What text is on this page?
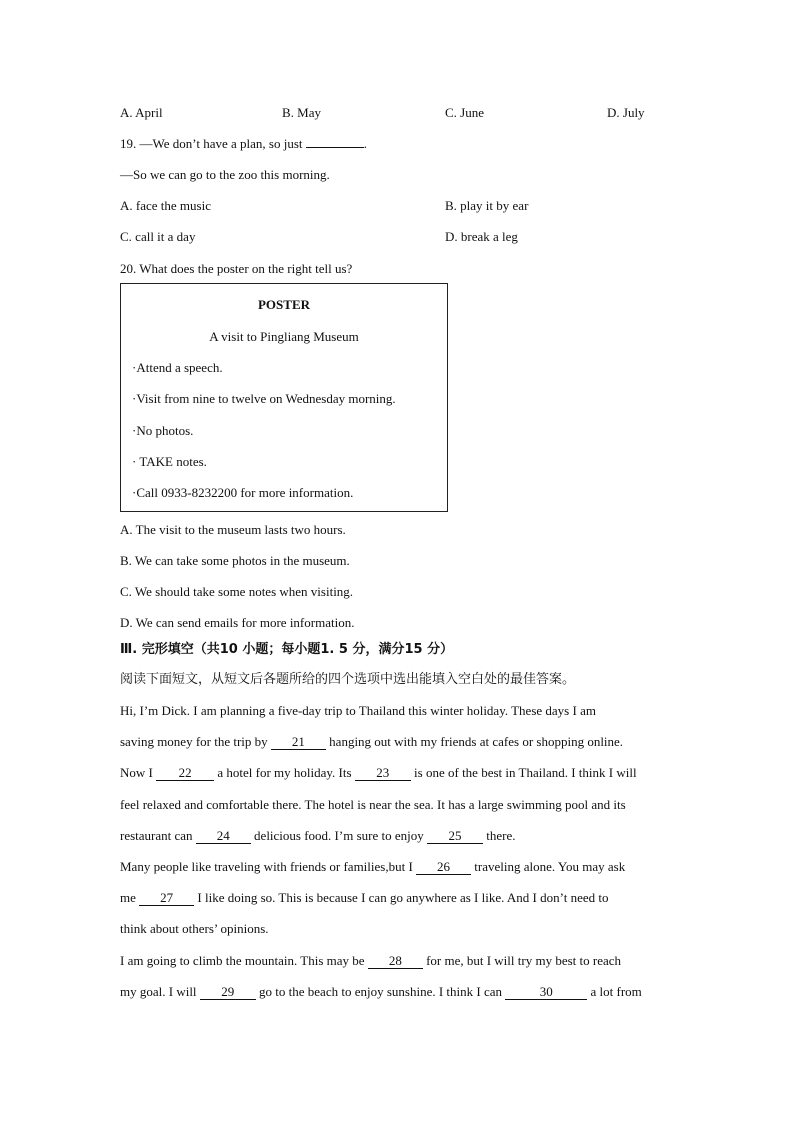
A. April	B. May	C. June	D. July
19. —We don’t have a plan, so just	.
—So we can go to the zoo this morning.
A. face the music	B. play it by ear
C. call it a day	D. break a leg
20. What does the poster on the right tell us?
POSTER
A visit to Pingliang Museum
·Attend a speech.
·Visit from nine to twelve on Wednesday morning.
·No photos.
· TAKE notes.
·Call 0933-8232200 for more information.
A. The visit to the museum lasts two hours.
B. We can take some photos in the museum.
C. We should take some notes when visiting.
D. We can send emails for more information.
Ⅲ. 完形填空（共10 小题；每小题1. 5 分，满分15 分）
阅读下面短文，从短文后各题所给的四个选项中选出能填入空白处的最佳答案。
Hi, I’m Dick. I am planning a five-day trip to Thailand this winter holiday. These days I am
saving money for the trip by 21 hanging out with my friends at cafes or shopping online.
Now I 22 a hotel for my holiday. Its 23 is one of the best in Thailand. I think I will
feel relaxed and comfortable there. The hotel is near the sea. It has a large swimming pool and its
restaurant can 24 delicious food. I’m sure to enjoy 25 there.
Many people like traveling with friends or families,but I 26 traveling alone. You may ask
me 27 I like doing so. This is because I can go anywhere as I like. And I don’t need to
think about others’ opinions.
I am going to climb the mountain. This may be 28 for me, but I will try my best to reach
my goal. I will 29 go to the beach to enjoy sunshine. I think I can	30	a lot from
